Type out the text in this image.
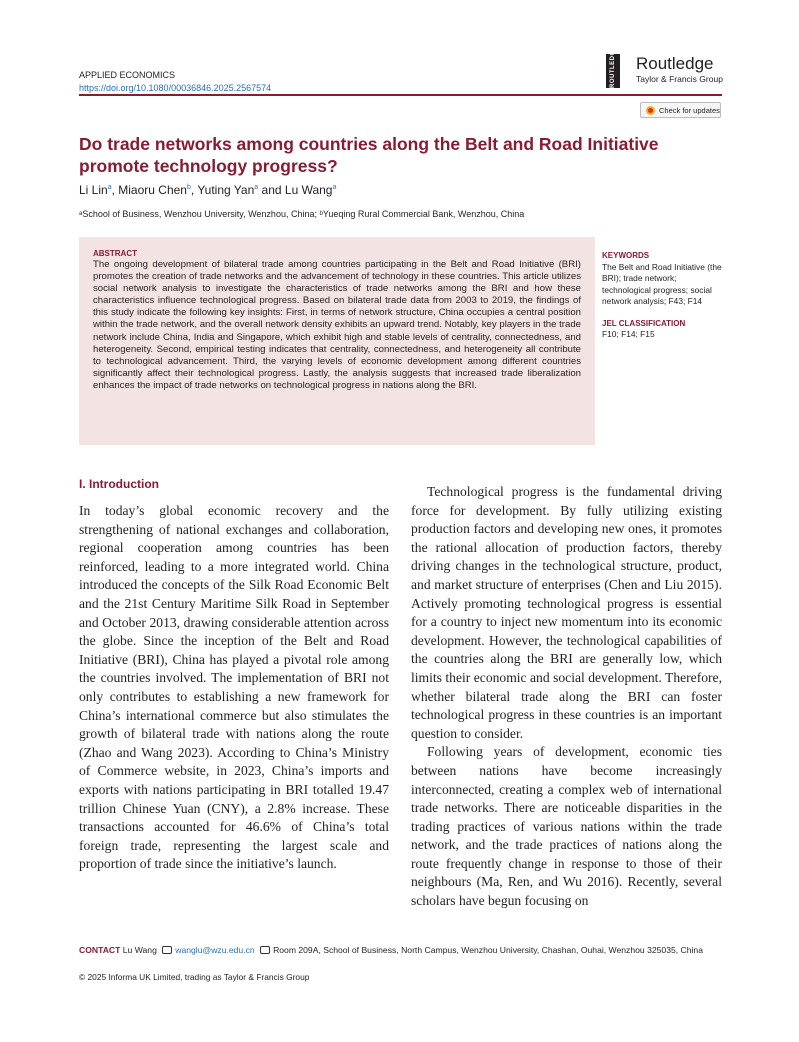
APPLIED ECONOMICS
https://doi.org/10.1080/00036846.2025.2567574	ROUTLEDGE Routledge
Taylor & Francis Group
Check for updates
Do trade networks among countries along the Belt and Road Initiative promote technology progress?
Li Lin$^a$, Miaoru Chen$^b$, Yuting Yan$^a$ and Lu Wang$^a$
ᵃSchool of Business, Wenzhou University, Wenzhou, China; ᵇYueqing Rural Commercial Bank, Wenzhou, China
ABSTRACT

The ongoing development of bilateral trade among countries participating in the Belt and Road Initiative (BRI) promotes the creation of trade networks and the advancement of technology in these countries. This article utilizes social network analysis to investigate the characteristics of trade networks among the BRI and how these characteristics influence technological progress. Based on bilateral trade data from 2003 to 2019, the findings of this study indicate the following key insights: First, in terms of network structure, China occupies a central position within the trade network, and the overall network density exhibits an upward trend. Notably, key players in the trade network include China, India and Singapore, which exhibit high and stable levels of centrality, connectedness, and heterogeneity. Second, empirical testing indicates that centrality, connectedness, and heterogeneity all contribute to technological advancement. Third, the varying levels of economic development among different countries significantly affect their technological progress. Lastly, the analysis suggests that increased trade liberalization enhances the impact of trade networks on technological progress in nations along the BRI.

KEYWORDS
The Belt and Road Initiative (the BRI); trade network; technological progress; social network analysis; F43; F14
JEL CLASSIFICATION
F10; F14; F15
I. Introduction

In today’s global economic recovery and the strengthening of national exchanges and collaboration, regional cooperation among countries has been reinforced, leading to a more integrated world. China introduced the concepts of the Silk Road Economic Belt and the 21st Century Maritime Silk Road in September and October 2013, drawing considerable attention across the globe. Since the inception of the Belt and Road Initiative (BRI), China has played a pivotal role among the countries involved. The implementation of BRI not only contributes to establishing a new framework for China’s international commerce but also stimulates the growth of bilateral trade with nations along the route (Zhao and Wang 2023). According to China’s Ministry of Commerce website, in 2023, China’s imports and exports with nations participating in BRI totalled 19.47 trillion Chinese Yuan (CNY), a 2.8% increase. These transactions accounted for 46.6% of China’s total foreign trade, representing the largest scale and proportion of trade since the initiative’s launch.

Technological progress is the fundamental driving force for development. By fully utilizing existing production factors and developing new ones, it promotes the rational allocation of production factors, thereby driving changes in the technological structure, product, and market structure of enterprises (Chen and Liu 2015). Actively promoting technological progress is essential for a country to inject new momentum into its economic development. However, the technological capabilities of the countries along the BRI are generally low, which limits their economic and social development. Therefore, whether bilateral trade along the BRI can foster technological progress in these countries is an important question to consider.

Following years of development, economic ties between nations have become increasingly interconnected, creating a complex web of international trade networks. There are noticeable disparities in the trading practices of various nations within the trade network, and the trade practices of nations along the route frequently change in response to those of their neighbours (Ma, Ren, and Wu 2016). Recently, several scholars have begun focusing on

CONTACT Lu Wang wanglu@wzu.edu.cn Room 209A, School of Business, North Campus, Wenzhou University, Chashan, Ouhai, Wenzhou 325035, China
© 2025 Informa UK Limited, trading as Taylor & Francis Group
